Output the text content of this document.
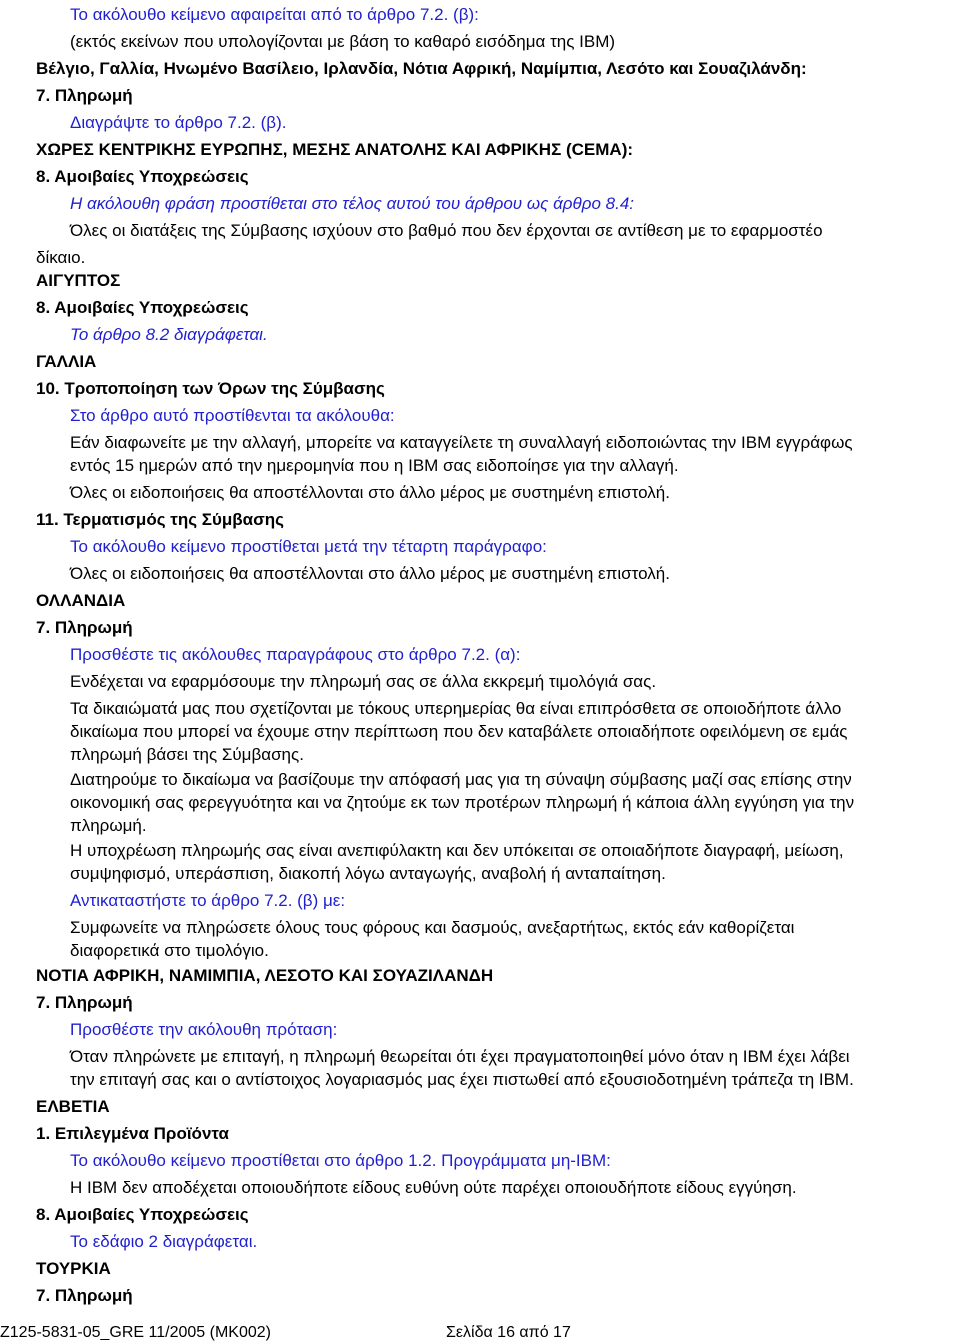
Το ακόλουθο κείμενο αφαιρείται από το άρθρο 7.2. (β):
(εκτός εκείνων που υπολογίζονται με βάση το καθαρό εισόδημα της IBM)
Βέλγιο, Γαλλία, Ηνωμένο Βασίλειο, Ιρλανδία, Νότια Αφρική, Ναμίμπια, Λεσότο και Σουαζιλάνδη:
7. Πληρωμή
Διαγράψτε το άρθρο 7.2. (β).
ΧΩΡΕΣ ΚΕΝΤΡΙΚΗΣ ΕΥΡΩΠΗΣ, ΜΕΣΗΣ ΑΝΑΤΟΛΗΣ ΚΑΙ ΑΦΡΙΚΗΣ (CEMA):
8. Αμοιβαίες Υποχρεώσεις
Η ακόλουθη φράση προστίθεται στο τέλος αυτού του άρθρου ως άρθρο 8.4:
Όλες οι διατάξεις της Σύμβασης ισχύουν στο βαθμό που δεν έρχονται σε αντίθεση με το εφαρμοστέο
δίκαιο.
ΑΙΓΥΠΤΟΣ
8. Αμοιβαίες Υποχρεώσεις
Το άρθρο 8.2 διαγράφεται.
ΓΑΛΛΙΑ
10. Τροποποίηση των Όρων της Σύμβασης
Στο άρθρο αυτό προστίθενται τα ακόλουθα:
Εάν διαφωνείτε με την αλλαγή, μπορείτε να καταγγείλετε τη συναλλαγή ειδοποιώντας την IBM εγγράφως
εντός 15 ημερών από την ημερομηνία που η IBM σας ειδοποίησε για την αλλαγή.
Όλες οι ειδοποιήσεις θα αποστέλλονται στο άλλο μέρος με συστημένη επιστολή.
11. Τερματισμός της Σύμβασης
Το ακόλουθο κείμενο προστίθεται μετά την τέταρτη παράγραφο:
Όλες οι ειδοποιήσεις θα αποστέλλονται στο άλλο μέρος με συστημένη επιστολή.
ΟΛΛΑΝΔΙΑ
7. Πληρωμή
Προσθέστε τις ακόλουθες παραγράφους στο άρθρο 7.2. (α):
Ενδέχεται να εφαρμόσουμε την πληρωμή σας σε άλλα εκκρεμή τιμολόγιά σας.
Τα δικαιώματά μας που σχετίζονται με τόκους υπερημερίας θα είναι επιπρόσθετα σε οποιοδήποτε άλλο
δικαίωμα που μπορεί να έχουμε στην περίπτωση που δεν καταβάλετε οποιαδήποτε οφειλόμενη σε εμάς
πληρωμή βάσει της Σύμβασης.
Διατηρούμε το δικαίωμα να βασίζουμε την απόφασή μας για τη σύναψη σύμβασης μαζί σας επίσης στην
οικονομική σας φερεγγυότητα και να ζητούμε εκ των προτέρων πληρωμή ή κάποια άλλη εγγύηση για την
πληρωμή.
Η υποχρέωση πληρωμής σας είναι ανεπιφύλακτη και δεν υπόκειται σε οποιαδήποτε διαγραφή, μείωση,
συμψηφισμό, υπεράσπιση, διακοπή λόγω ανταγωγής, αναβολή ή ανταπαίτηση.
Αντικαταστήστε το άρθρο 7.2. (β) με:
Συμφωνείτε να πληρώσετε όλους τους φόρους και δασμούς, ανεξαρτήτως, εκτός εάν καθορίζεται
διαφορετικά στο τιμολόγιο.
ΝΟΤΙΑ ΑΦΡΙΚΗ, ΝΑΜΙΜΠΙΑ, ΛΕΣΟΤΟ ΚΑΙ ΣΟΥΑΖΙΛΑΝΔΗ
7. Πληρωμή
Προσθέστε την ακόλουθη πρόταση:
Όταν πληρώνετε με επιταγή, η πληρωμή θεωρείται ότι έχει πραγματοποιηθεί μόνο όταν η IBM έχει λάβει
την επιταγή σας και ο αντίστοιχος λογαριασμός μας έχει πιστωθεί από εξουσιοδοτημένη τράπεζα τη IBM.
ΕΛΒΕΤΙΑ
1. Επιλεγμένα Προϊόντα
Το ακόλουθο κείμενο προστίθεται στο άρθρο 1.2. Προγράμματα μη-IBM:
Η IBM δεν αποδέχεται οποιουδήποτε είδους ευθύνη ούτε παρέχει οποιουδήποτε είδους εγγύηση.
8. Αμοιβαίες Υποχρεώσεις
Το εδάφιο 2 διαγράφεται.
ΤΟΥΡΚΙΑ
7. Πληρωμή
Z125-5831-05_GRE 11/2005 (MK002)	Σελίδα 16 από 17
